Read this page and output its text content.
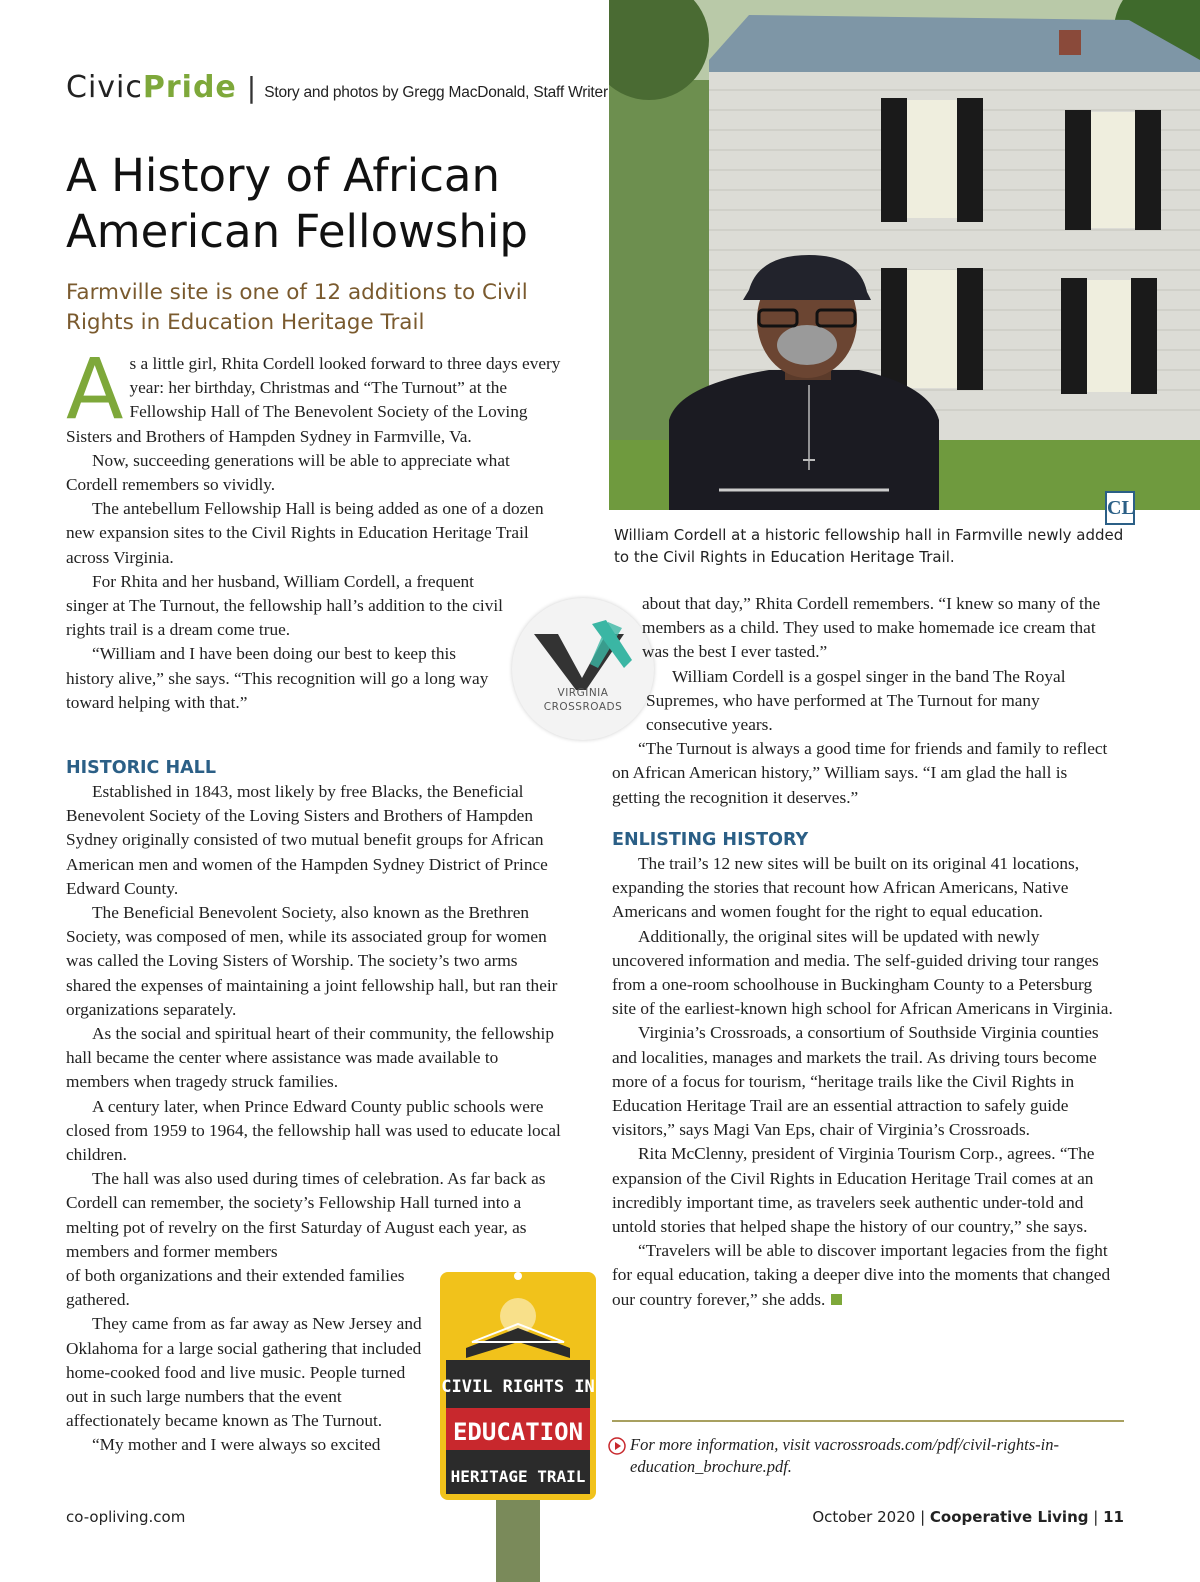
Civic Pride | Story and photos by Gregg MacDonald, Staff Writer
A History of African American Fellowship
Farmville site is one of 12 additions to Civil Rights in Education Heritage Trail

As a little girl, Rhita Cordell looked forward to three days every year: her birthday, Christmas and “The Turnout” at the Fellowship Hall of The Benevolent Society of the Loving Sisters and Brothers of Hampden Sydney in Farmville, Va.

Now, succeeding generations will be able to appreciate what Cordell remembers so vividly.

The antebellum Fellowship Hall is being added as one of a dozen new expansion sites to the Civil Rights in Education Heritage Trail across Virginia.

For Rhita and her husband, William Cordell, a frequent singer at The Turnout, the fellowship hall’s addition to the civil rights trail is a dream come true.

“William and I have been doing our best to keep this history alive,” she says. “This recognition will go a long way toward helping with that.”

HISTORIC HALL

Established in 1843, most likely by free Blacks, the Beneficial Benevolent Society of the Loving Sisters and Brothers of Hampden Sydney originally consisted of two mutual benefit groups for African American men and women of the Hampden Sydney District of Prince Edward County.

The Beneficial Benevolent Society, also known as the Brethren Society, was composed of men, while its associated group for women was called the Loving Sisters of Worship. The society’s two arms shared the expenses of maintaining a joint fellowship hall, but ran their organizations separately.

As the social and spiritual heart of their community, the fellowship hall became the center where assistance was made available to members when tragedy struck families.

A century later, when Prince Edward County public schools were closed from 1959 to 1964, the fellowship hall was used to educate local children.

The hall was also used during times of celebration. As far back as Cordell can remember, the society’s Fellowship Hall turned into a melting pot of revelry on the first Saturday of August each year, as members and former members

of both organizations and their extended families gathered.

They came from as far away as New Jersey and Oklahoma for a large social gathering that included home-cooked food and live music. People turned out in such large numbers that the event affectionately became known as The Turnout.

“My mother and I were always so excited

CL
William Cordell at a historic fellowship hall in Farmville newly added to the Civil Rights in Education Heritage Trail.
VIRGINIA
CROSSROADS

about that day,” Rhita Cordell remembers. “I knew so many of the members as a child. They used to make homemade ice cream that was the best I ever tasted.”

William Cordell is a gospel singer in the band The Royal Supremes, who have performed at The Turnout for many consecutive years.

“The Turnout is always a good time for friends and family to reflect on African American history,” William says. “I am glad the hall is getting the recognition it deserves.”

ENLISTING HISTORY

The trail’s 12 new sites will be built on its original 41 locations, expanding the stories that recount how African Americans, Native Americans and women fought for the right to equal education.

Additionally, the original sites will be updated with newly uncovered information and media. The self-guided driving tour ranges from a one-room schoolhouse in Buckingham County to a Petersburg site of the earliest-known high school for African Americans in Virginia.

Virginia’s Crossroads, a consortium of Southside Virginia counties and localities, manages and markets the trail. As driving tours become more of a focus for tourism, “heritage trails like the Civil Rights in Education Heritage Trail are an essential attraction to safely guide visitors,” says Magi Van Eps, chair of Virginia’s Crossroads.

Rita McClenny, president of Virginia Tourism Corp., agrees. “The expansion of the Civil Rights in Education Heritage Trail comes at an incredibly important time, as travelers seek authentic under-told and untold stories that helped shape the history of our country,” she says.

“Travelers will be able to discover important legacies from the fight for equal education, taking a deeper dive into the moments that changed our country forever,” she adds.

CIVIL RIGHTS IN
EDUCATION
HERITAGE TRAIL
For more information, visit vacrossroads.com/pdf/civil-rights-in-education_brochure.pdf.
co-opliving.com	October 2020 | Cooperative Living | 11
